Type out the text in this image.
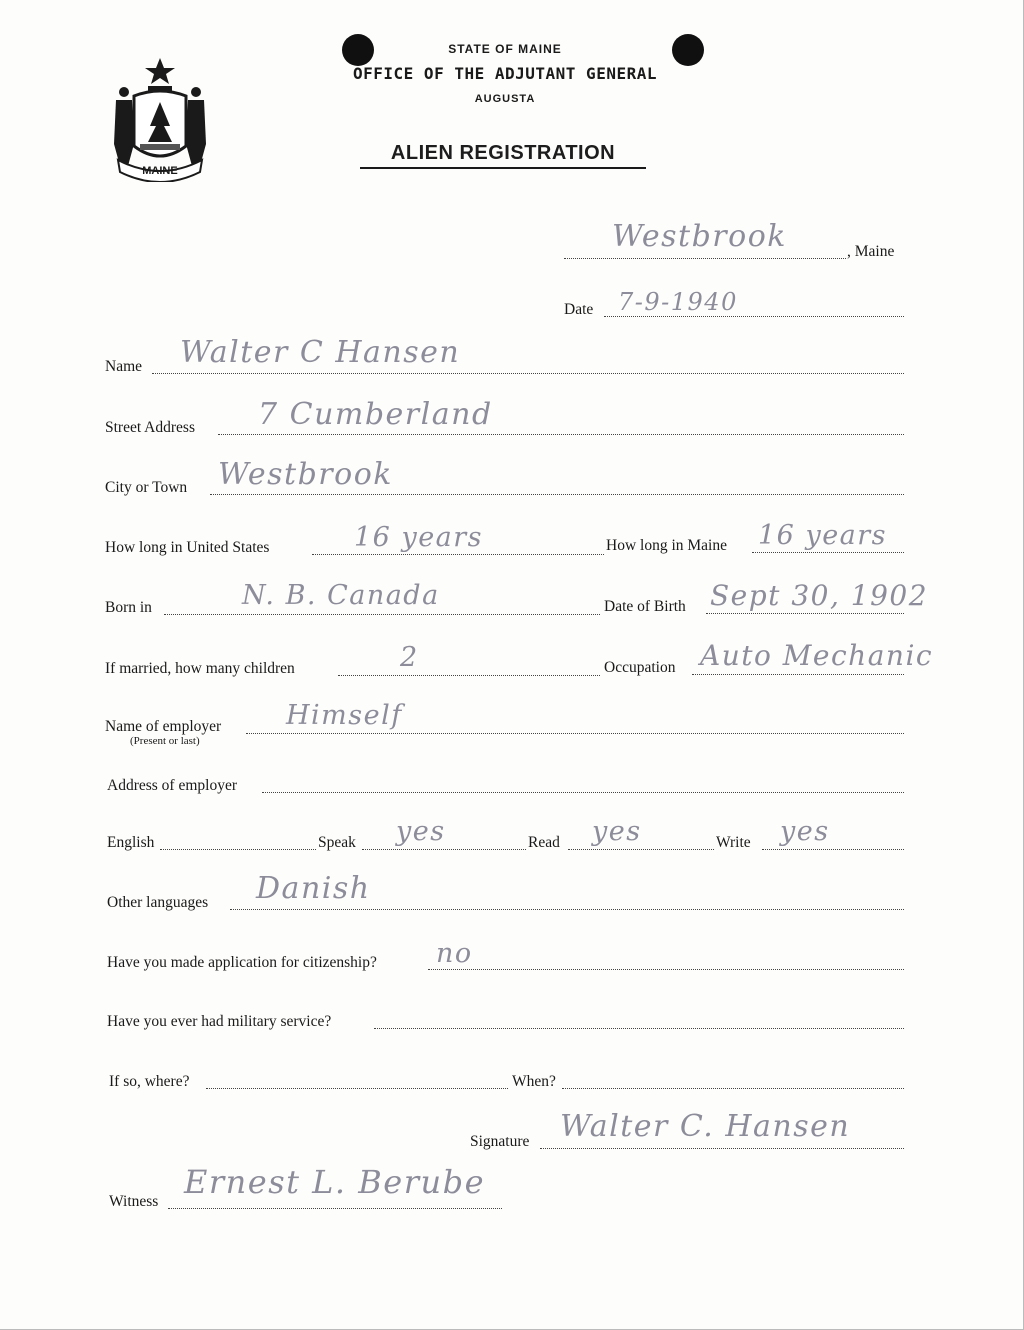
MAINE
STATE OF MAINE
OFFICE OF THE ADJUTANT GENERAL
AUGUSTA
ALIEN REGISTRATION
Westbrook	, Maine
Date 7-9-1940
Name Walter C Hansen
Street Address 7 Cumberland
City or Town Westbrook
How long in United States	16 years	How long in Maine 16 years
Born in	N. B. Canada	Date of Birth Sept 30, 1902
If married, how many children	2	Occupation Auto Mechanic
Name of employer
(Present or last)
Himself
Address of employer
English	Speak yes	Read yes	Write yes
Other languages Danish
Have you made application for citizenship? no
Have you ever had military service?
If so, where?	When?
Signature Walter C. Hansen
Witness
Ernest L. Berube
